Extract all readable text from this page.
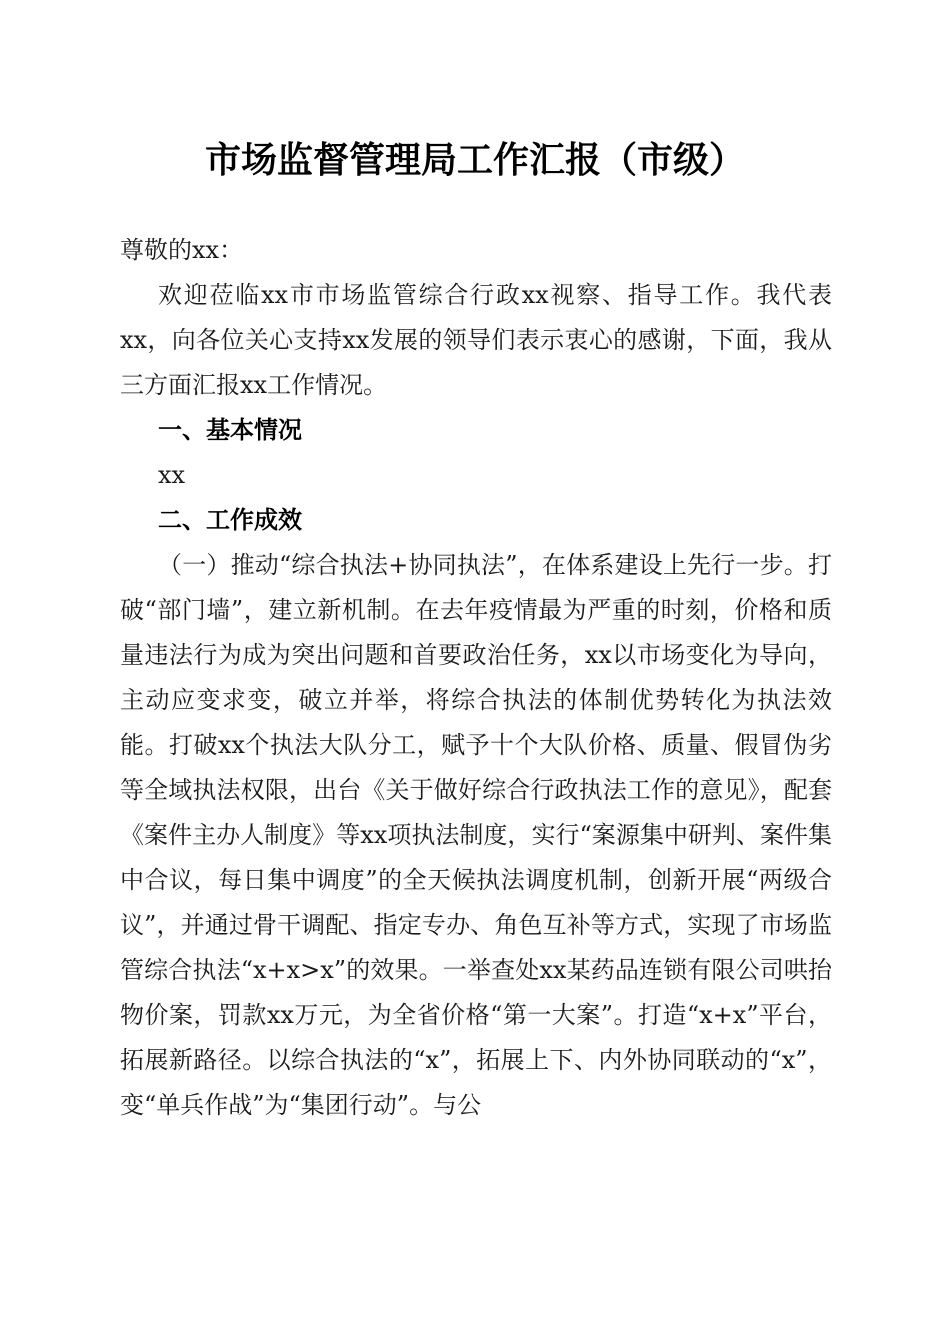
市场监督管理局工作汇报（市级）

尊敬的xx：

欢迎莅临xx市市场监管综合行政xx视察、指导工作。我代表xx，向各位关心支持xx发展的领导们表示衷心的感谢，下面，我从三方面汇报xx工作情况。

一、基本情况

xx

二、工作成效

（一）推动“综合执法+协同执法”，在体系建设上先行一步。打破“部门墙”，建立新机制。在去年疫情最为严重的时刻，价格和质量违法行为成为突出问题和首要政治任务，xx以市场变化为导向，主动应变求变，破立并举，将综合执法的体制优势转化为执法效能。打破xx个执法大队分工，赋予十个大队价格、质量、假冒伪劣等全域执法权限，出台《关于做好综合行政执法工作的意见》，配套《案件主办人制度》等xx项执法制度，实行“案源集中研判、案件集中合议，每日集中调度”的全天候执法调度机制，创新开展“两级合议”，并通过骨干调配、指定专办、角色互补等方式，实现了市场监管综合执法“x+x>x”的效果。一举查处xx某药品连锁有限公司哄抬物价案，罚款xx万元，为全省价格“第一大案”。打造“x+x”平台，拓展新路径。以综合执法的“x”，拓展上下、内外协同联动的“x”，变“单兵作战”为“集团行动”。与公
